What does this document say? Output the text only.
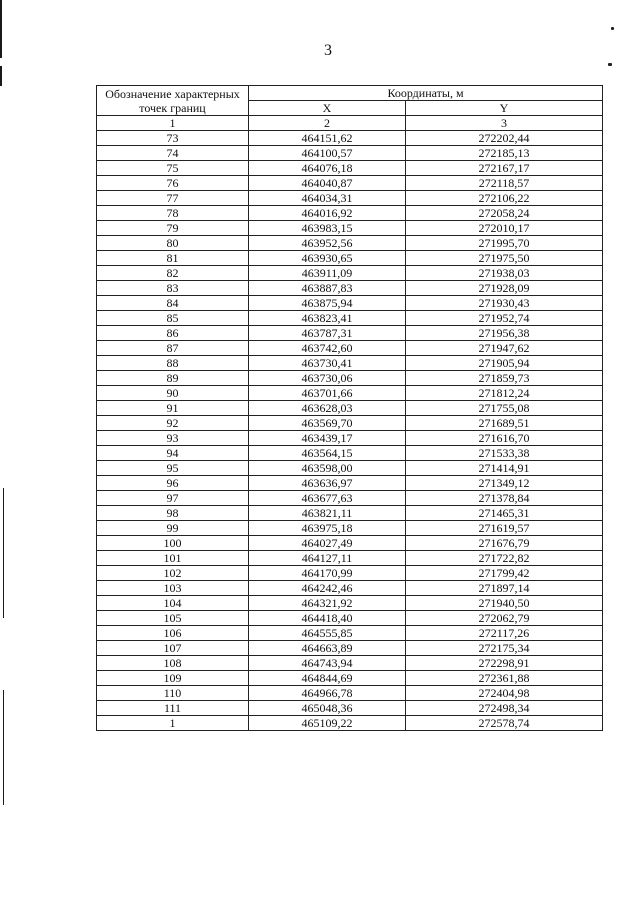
3
Обозначение характерных точек границ	Координаты, м	
	X	Y
1	2	3
73	464151,62	272202,44
74	464100,57	272185,13
75	464076,18	272167,17
76	464040,87	272118,57
77	464034,31	272106,22
78	464016,92	272058,24
79	463983,15	272010,17
80	463952,56	271995,70
81	463930,65	271975,50
82	463911,09	271938,03
83	463887,83	271928,09
84	463875,94	271930,43
85	463823,41	271952,74
86	463787,31	271956,38
87	463742,60	271947,62
88	463730,41	271905,94
89	463730,06	271859,73
90	463701,66	271812,24
91	463628,03	271755,08
92	463569,70	271689,51
93	463439,17	271616,70
94	463564,15	271533,38
95	463598,00	271414,91
96	463636,97	271349,12
97	463677,63	271378,84
98	463821,11	271465,31
99	463975,18	271619,57
100	464027,49	271676,79
101	464127,11	271722,82
102	464170,99	271799,42
103	464242,46	271897,14
104	464321,92	271940,50
105	464418,40	272062,79
106	464555,85	272117,26
107	464663,89	272175,34
108	464743,94	272298,91
109	464844,69	272361,88
110	464966,78	272404,98
111	465048,36	272498,34
1	465109,22	272578,74
